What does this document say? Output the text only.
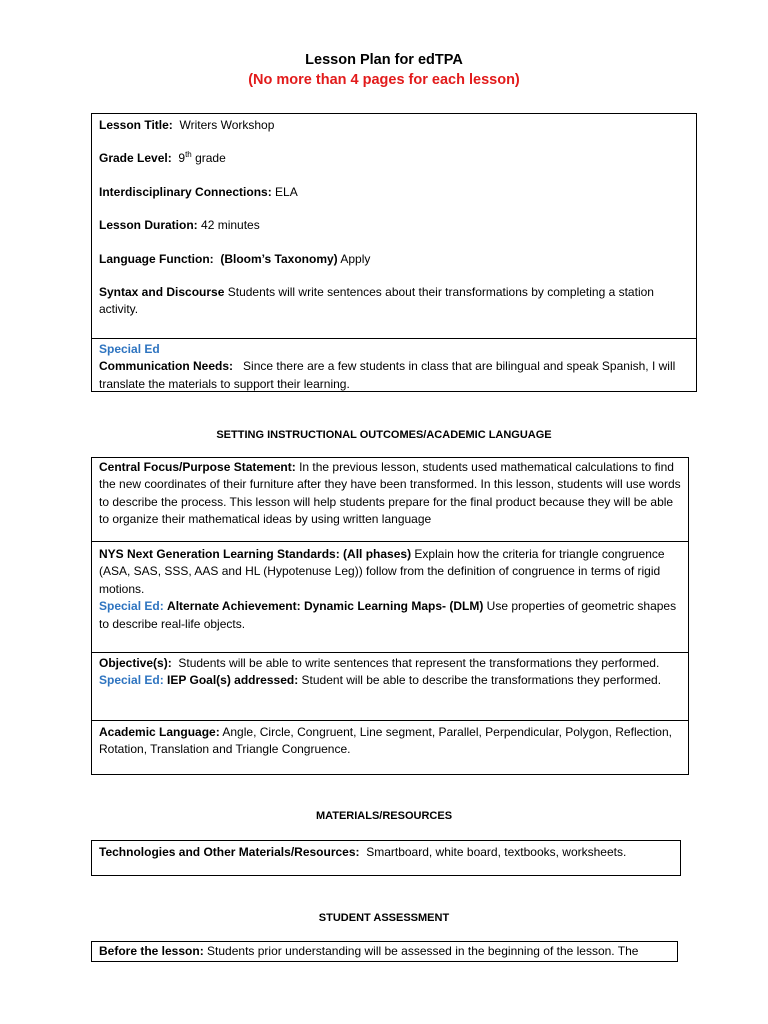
Lesson Plan for edTPA
(No more than 4 pages for each lesson)
Lesson Title: Writers Workshop
Grade Level: 9th grade
Interdisciplinary Connections: ELA
Lesson Duration: 42 minutes
Language Function: (Bloom’s Taxonomy) Apply
Syntax and Discourse Students will write sentences about their transformations by completing a station activity.
Special Ed
Communication Needs: Since there are a few students in class that are bilingual and speak Spanish, I will translate the materials to support their learning.
SETTING INSTRUCTIONAL OUTCOMES/ACADEMIC LANGUAGE
Central Focus/Purpose Statement: In the previous lesson, students used mathematical calculations to find the new coordinates of their furniture after they have been transformed. In this lesson, students will use words to describe the process. This lesson will help students prepare for the final product because they will be able to organize their mathematical ideas by using written language
NYS Next Generation Learning Standards: (All phases) Explain how the criteria for triangle congruence (ASA, SAS, SSS, AAS and HL (Hypotenuse Leg)) follow from the definition of congruence in terms of rigid motions.
Special Ed: Alternate Achievement: Dynamic Learning Maps- (DLM) Use properties of geometric shapes to describe real-life objects.
Objective(s): Students will be able to write sentences that represent the transformations they performed.
Special Ed: IEP Goal(s) addressed: Student will be able to describe the transformations they performed.
Academic Language: Angle, Circle, Congruent, Line segment, Parallel, Perpendicular, Polygon, Reflection, Rotation, Translation and Triangle Congruence.
MATERIALS/RESOURCES
Technologies and Other Materials/Resources: Smartboard, white board, textbooks, worksheets.
STUDENT ASSESSMENT
Before the lesson: Students prior understanding will be assessed in the beginning of the lesson. The
